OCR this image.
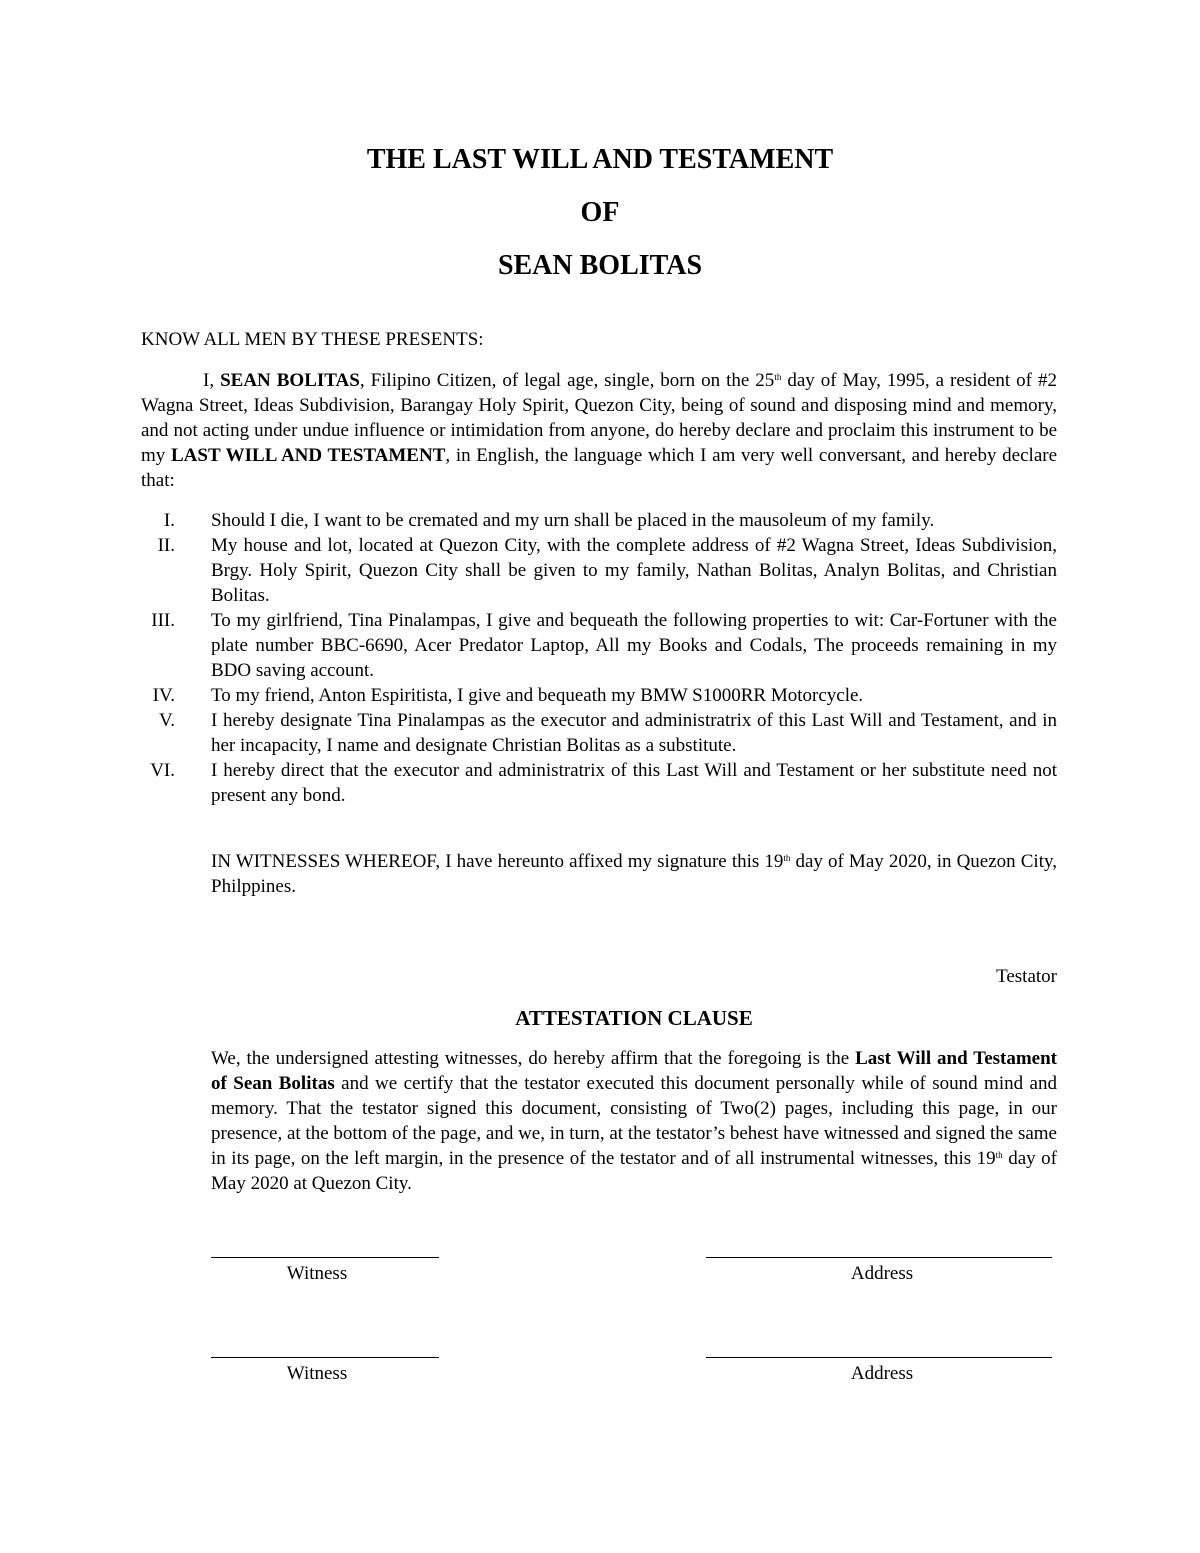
THE LAST WILL AND TESTAMENT
OF
SEAN BOLITAS
KNOW ALL MEN BY THESE PRESENTS:
I, SEAN BOLITAS, Filipino Citizen, of legal age, single, born on the 25th day of May, 1995, a resident of #2 Wagna Street, Ideas Subdivision, Barangay Holy Spirit, Quezon City, being of sound and disposing mind and memory, and not acting under undue influence or intimidation from anyone, do hereby declare and proclaim this instrument to be my LAST WILL AND TESTAMENT, in English, the language which I am very well conversant, and hereby declare that:
I. Should I die, I want to be cremated and my urn shall be placed in the mausoleum of my family.
II. My house and lot, located at Quezon City, with the complete address of #2 Wagna Street, Ideas Subdivision, Brgy. Holy Spirit, Quezon City shall be given to my family, Nathan Bolitas, Analyn Bolitas, and Christian Bolitas.
III. To my girlfriend, Tina Pinalampas, I give and bequeath the following properties to wit: Car-Fortuner with the plate number BBC-6690, Acer Predator Laptop, All my Books and Codals, The proceeds remaining in my BDO saving account.
IV. To my friend, Anton Espiritista, I give and bequeath my BMW S1000RR Motorcycle.
V. I hereby designate Tina Pinalampas as the executor and administratrix of this Last Will and Testament, and in her incapacity, I name and designate Christian Bolitas as a substitute.
VI. I hereby direct that the executor and administratrix of this Last Will and Testament or her substitute need not present any bond.
IN WITNESSES WHEREOF, I have hereunto affixed my signature this 19th day of May 2020, in Quezon City, Philppines.
Testator
ATTESTATION CLAUSE
We, the undersigned attesting witnesses, do hereby affirm that the foregoing is the Last Will and Testament of Sean Bolitas and we certify that the testator executed this document personally while of sound mind and memory. That the testator signed this document, consisting of Two(2) pages, including this page, in our presence, at the bottom of the page, and we, in turn, at the testator’s behest have witnessed and signed the same in its page, on the left margin, in the presence of the testator and of all instrumental witnesses, this 19th day of May 2020 at Quezon City.
Witness	Address
Witness	Address
